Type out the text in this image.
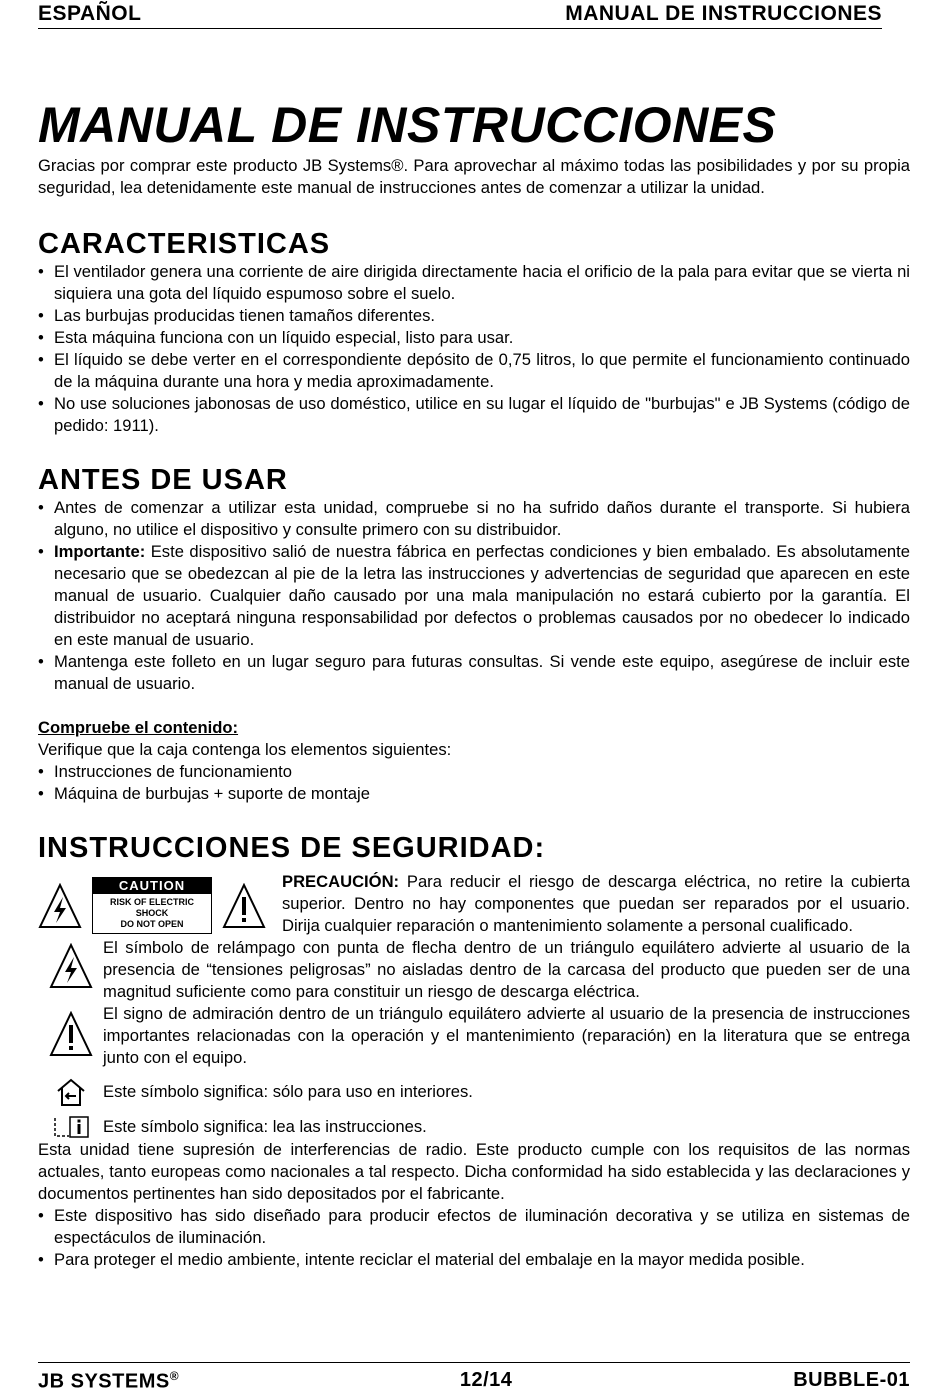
ESPAÑOL	MANUAL DE INSTRUCCIONES
MANUAL DE INSTRUCCIONES

Gracias por comprar este producto JB Systems®. Para aprovechar al máximo todas las posibilidades y por su propia seguridad, lea detenidamente este manual de instrucciones antes de comenzar a utilizar la unidad.

CARACTERISTICAS
• El ventilador genera una corriente de aire dirigida directamente hacia el orificio de la pala para evitar que se vierta ni siquiera una gota del líquido espumoso sobre el suelo.
• Las burbujas producidas tienen tamaños diferentes.
• Esta máquina funciona con un líquido especial, listo para usar.
• El líquido se debe verter en el correspondiente depósito de 0,75 litros, lo que permite el funcionamiento continuado de la máquina durante una hora y media aproximadamente.
• No use soluciones jabonosas de uso doméstico, utilice en su lugar el líquido de "burbujas" e JB Systems (código de pedido: 1911).
ANTES DE USAR
• Antes de comenzar a utilizar esta unidad, compruebe si no ha sufrido daños durante el transporte. Si hubiera alguno, no utilice el dispositivo y consulte primero con su distribuidor.
• Importante: Este dispositivo salió de nuestra fábrica en perfectas condiciones y bien embalado. Es absolutamente necesario que se obedezcan al pie de la letra las instrucciones y advertencias de seguridad que aparecen en este manual de usuario. Cualquier daño causado por una mala manipulación no estará cubierto por la garantía. El distribuidor no aceptará ninguna responsabilidad por defectos o problemas causados por no obedecer lo indicado en este manual de usuario.
• Mantenga este folleto en un lugar seguro para futuras consultas. Si vende este equipo, asegúrese de incluir este manual de usuario.

Compruebe el contenido:

Verifique que la caja contenga los elementos siguientes:

• Instrucciones de funcionamiento
• Máquina de burbujas + suporte de montaje
INSTRUCCIONES DE SEGURIDAD:
CAUTION
RISK OF ELECTRIC SHOCK
DO NOT OPEN

PRECAUCIÓN: Para reducir el riesgo de descarga eléctrica, no retire la cubierta superior. Dentro no hay componentes que puedan ser reparados por el usuario. Dirija cualquier reparación o mantenimiento solamente a personal cualificado.

El símbolo de relámpago con punta de flecha dentro de un triángulo equilátero advierte al usuario de la presencia de “tensiones peligrosas” no aisladas dentro de la carcasa del producto que pueden ser de una magnitud suficiente como para constituir un riesgo de descarga eléctrica.

El signo de admiración dentro de un triángulo equilátero advierte al usuario de la presencia de instrucciones importantes relacionadas con la operación y el mantenimiento (reparación) en la literatura que se entrega junto con el equipo.

Este símbolo significa: sólo para uso en interiores.

Este símbolo significa: lea las instrucciones.

Esta unidad tiene supresión de interferencias de radio. Este producto cumple con los requisitos de las normas actuales, tanto europeas como nacionales a tal respecto. Dicha conformidad ha sido establecida y las declaraciones y documentos pertinentes han sido depositados por el fabricante.

• Este dispositivo has sido diseñado para producir efectos de iluminación decorativa y se utiliza en sistemas de espectáculos de iluminación.
• Para proteger el medio ambiente, intente reciclar el material del embalaje en la mayor medida posible.
JB SYSTEMS®	12/14	BUBBLE-01
